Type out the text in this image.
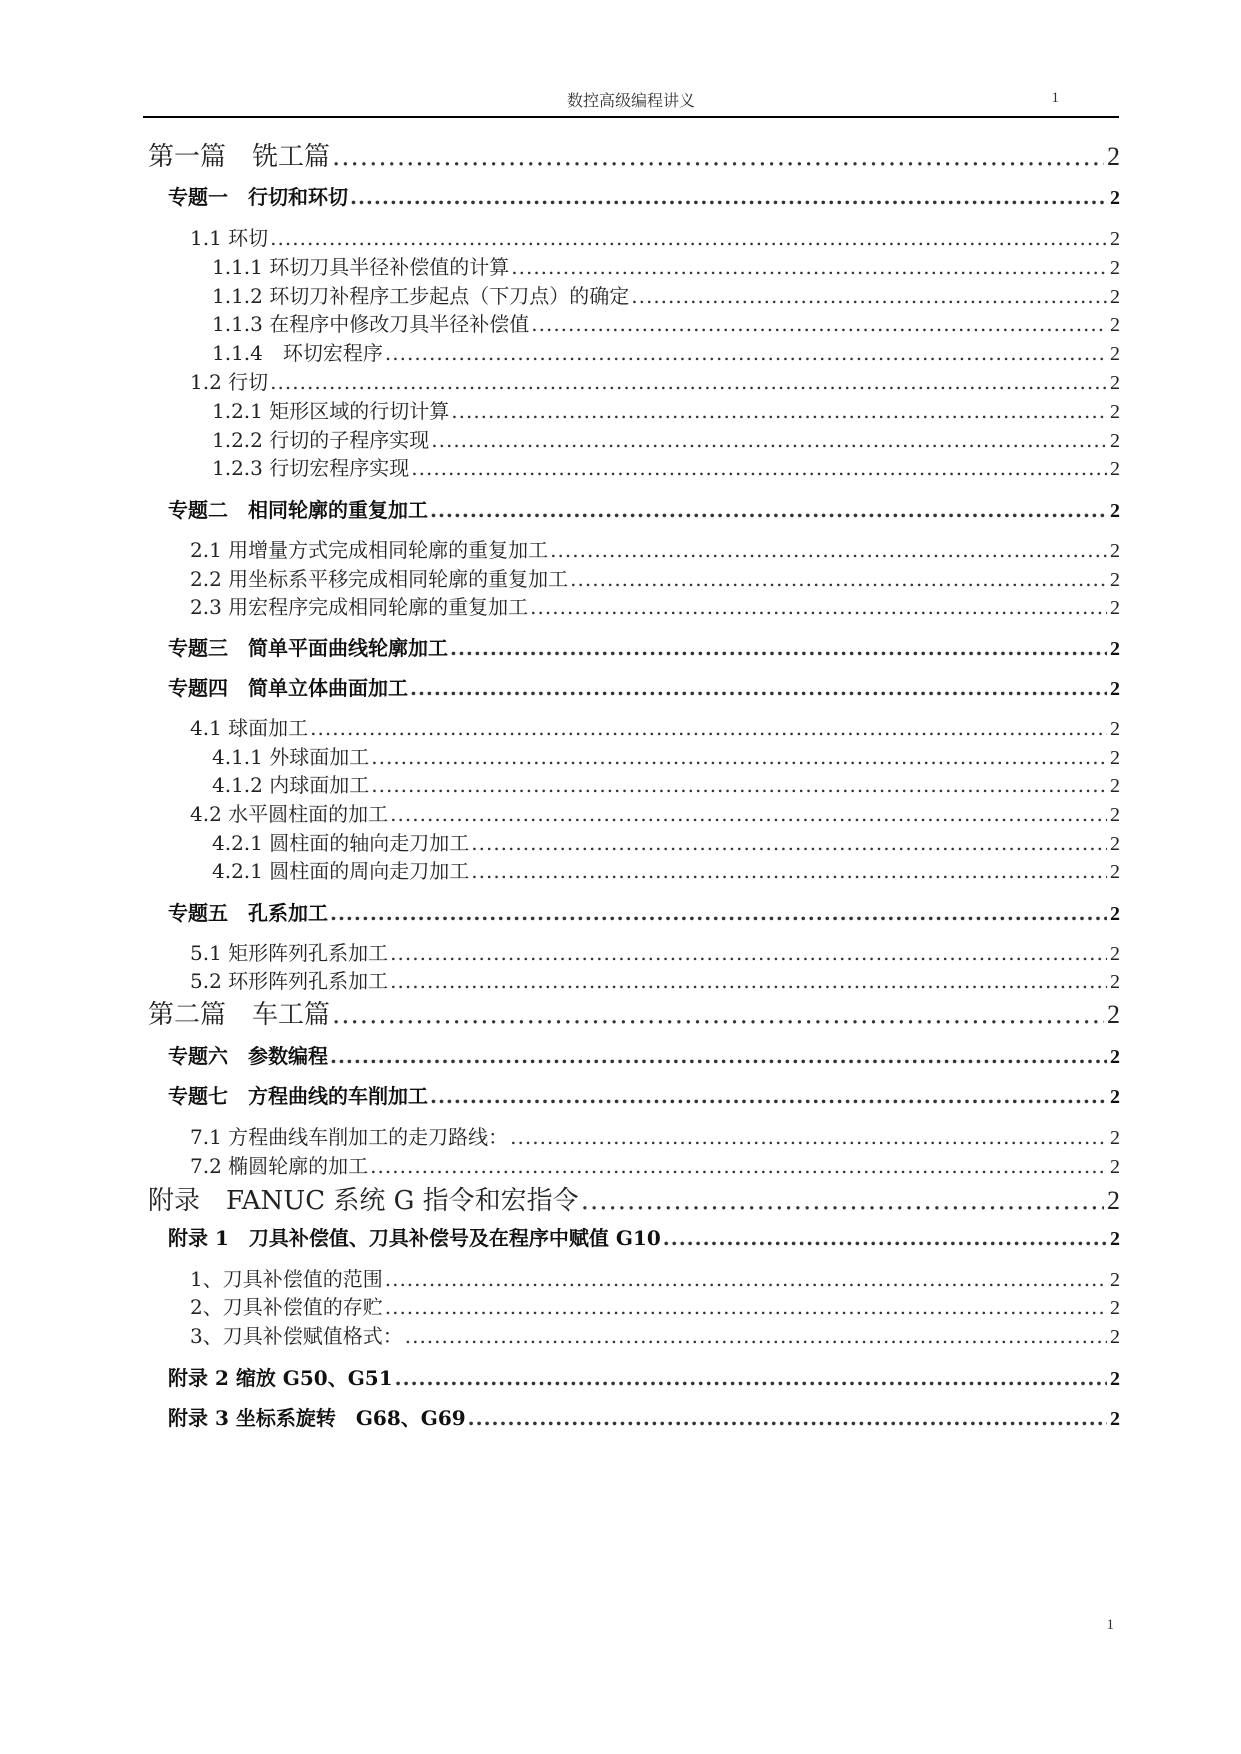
数控高级编程讲义	1
第一篇　铣工篇 .....	2
专题一　行切和环切 .....	2
1.1 环切 .....	2
1.1.1 环切刀具半径补偿值的计算 .....	2
1.1.2 环切刀补程序工步起点（下刀点）的确定 .....	2
1.1.3 在程序中修改刀具半径补偿值 .....	2
1.1.4　环切宏程序 .....	2
1.2 行切 .....	2
1.2.1 矩形区域的行切计算 .....	2
1.2.2 行切的子程序实现 .....	2
1.2.3 行切宏程序实现 .....	2
专题二　相同轮廓的重复加工 .....	2
2.1 用增量方式完成相同轮廓的重复加工 .....	2
2.2 用坐标系平移完成相同轮廓的重复加工 .....	2
2.3 用宏程序完成相同轮廓的重复加工 .....	2
专题三　简单平面曲线轮廓加工 .....	2
专题四　简单立体曲面加工 .....	2
4.1 球面加工 .....	2
4.1.1 外球面加工 .....	2
4.1.2 内球面加工 .....	2
4.2 水平圆柱面的加工 .....	2
4.2.1 圆柱面的轴向走刀加工 .....	2
4.2.1 圆柱面的周向走刀加工 .....	2
专题五　孔系加工 .....	2
5.1 矩形阵列孔系加工 .....	2
5.2 环形阵列孔系加工 .....	2
第二篇　车工篇 .....	2
专题六　参数编程 .....	2
专题七　方程曲线的车削加工 .....	2
7.1 方程曲线车削加工的走刀路线： .....	2
7.2 椭圆轮廓的加工 .....	2
附录　FANUC 系统 G 指令和宏指令 .....	2
附录 1　刀具补偿值、刀具补偿号及在程序中赋值 G10 .....	2
1、刀具补偿值的范围 .....	2
2、刀具补偿值的存贮 .....	2
3、刀具补偿赋值格式： .....	2
附录 2 缩放 G50、G51 .....	2
附录 3 坐标系旋转　G68、G69 .....	2
1
